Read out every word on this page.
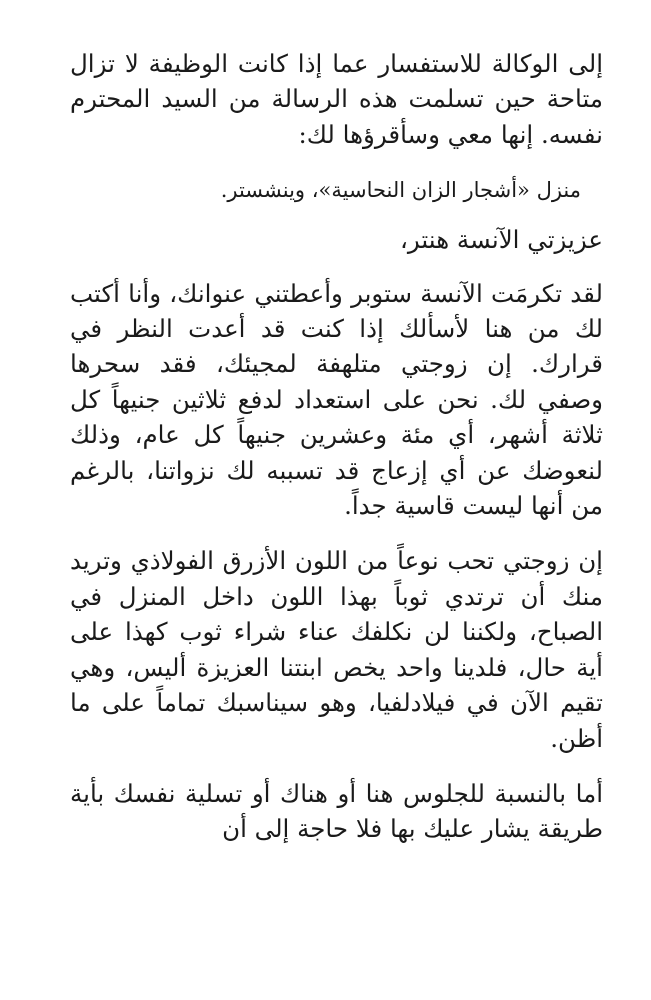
إلى الوكالة للاستفسار عما إذا كانت الوظيفة لا تزال متاحة حين تسلمت هذه الرسالة من السيد المحترم نفسه. إنها معي وسأقرؤها لك:

منزل «أشجار الزان النحاسية»، وينشستر.

عزيزتي الآنسة هنتر،

لقد تكرمَت الآنسة ستوبر وأعطتني عنوانك، وأنا أكتب لك من هنا لأسألك إذا كنت قد أعدت النظر في قرارك. إن زوجتي متلهفة لمجيئك، فقد سحرها وصفي لك. نحن على استعداد لدفع ثلاثين جنيهاً كل ثلاثة أشهر، أي مئة وعشرين جنيهاً كل عام، وذلك لنعوضك عن أي إزعاج قد تسببه لك نزواتنا، بالرغم من أنها ليست قاسية جداً.

إن زوجتي تحب نوعاً من اللون الأزرق الفولاذي وتريد منك أن ترتدي ثوباً بهذا اللون داخل المنزل في الصباح، ولكننا لن نكلفك عناء شراء ثوب كهذا على أية حال، فلدينا واحد يخص ابنتنا العزيزة أليس، وهي تقيم الآن في فيلادلفيا، وهو سيناسبك تماماً على ما أظن.

أما بالنسبة للجلوس هنا أو هناك أو تسلية نفسك بأية طريقة يشار عليك بها فلا حاجة إلى أن
